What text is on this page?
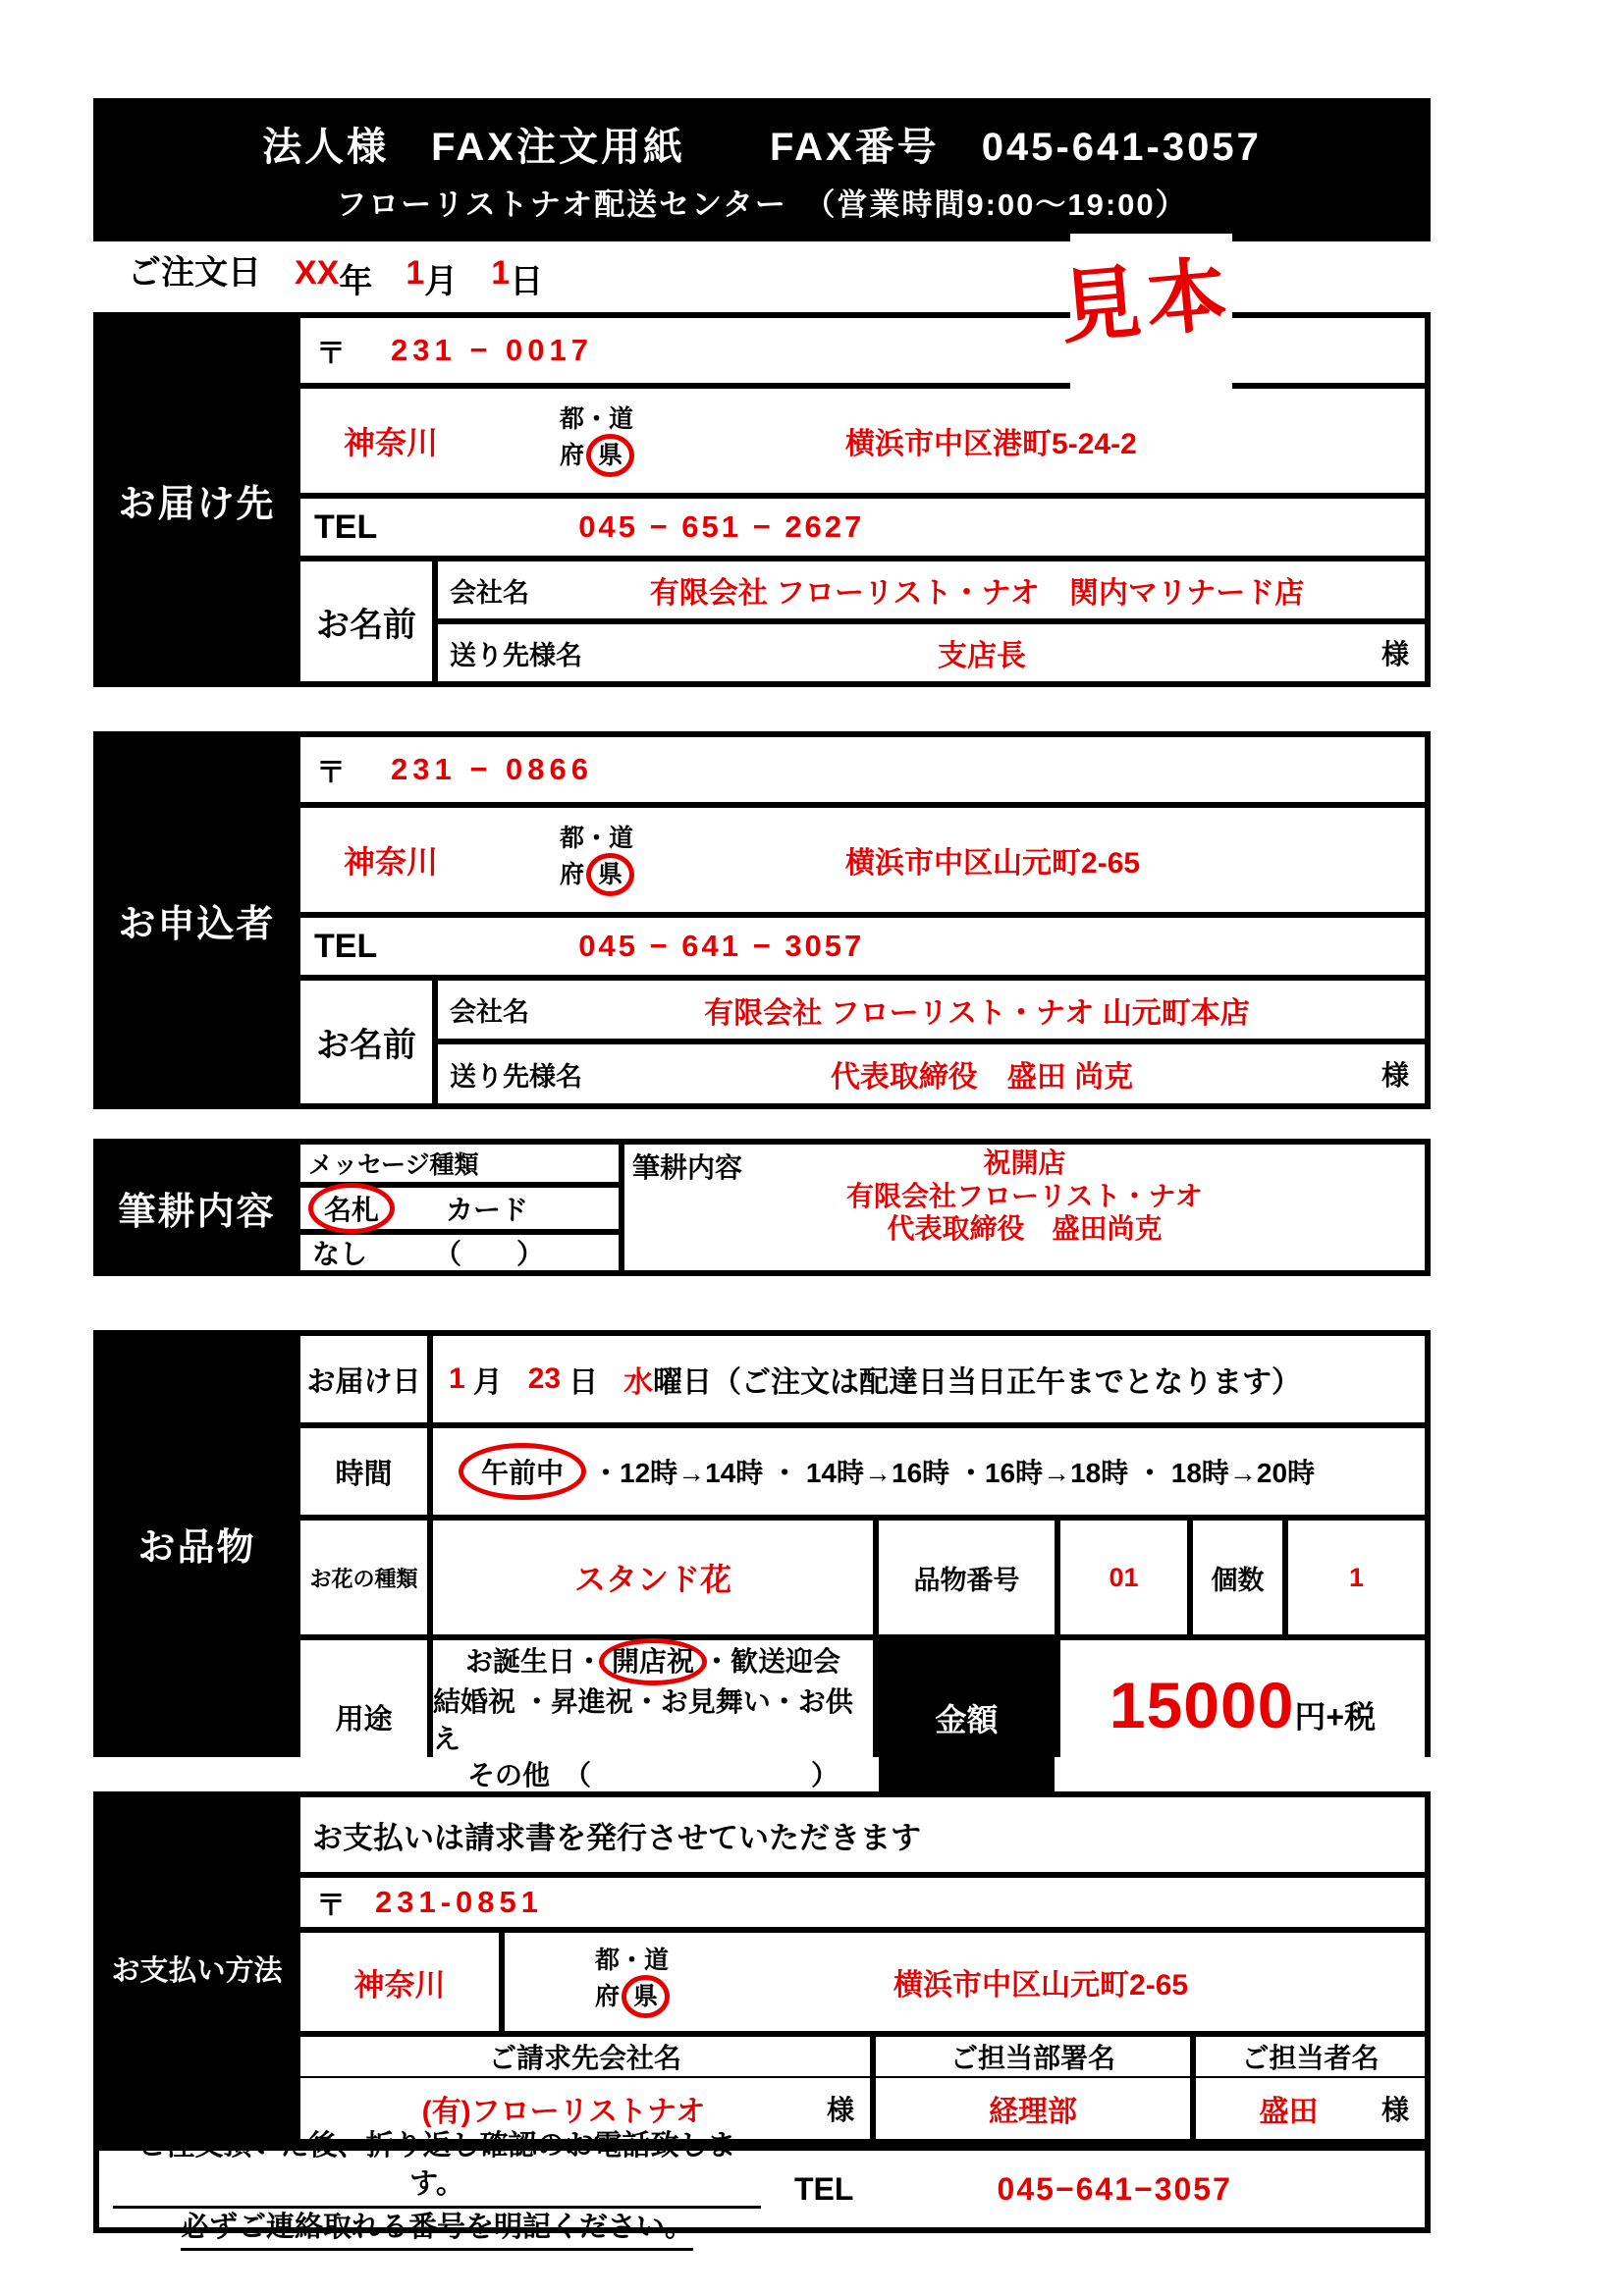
法人様　FAX注文用紙　　FAX番号　045-641-3057
フローリストナオ配送センター　（営業時間9:00～19:00）
ご注文日 XX 年 1 月 1 日
お届け先
〒 231 − 0017
神奈川
都・道
府 県	横浜市中区港町5-24-2
TEL	045 − 651 − 2627
お名前
会社名	有限会社 フローリスト・ナオ　関内マリナード店
送り先様名	支店長	様
お申込者
〒 231 − 0866
神奈川
都・道
府 県	横浜市中区山元町2-65
TEL	045 − 641 − 3057
お名前
会社名	有限会社 フローリスト・ナオ 山元町本店
送り先様名	代表取締役　盛田 尚克	様
筆耕内容
メッセージ種類
名札	カード
なし （　　）
筆耕内容	祝開店
有限会社フローリスト・ナオ
代表取締役　盛田尚克
お品物
お届け日 1 月 23 日 水 曜日（ご注文は配達日当日正午までとなります）
時間	午前中	・12時→14時 ・ 14時→16時 ・16時→18時 ・ 18時→20時
お花の種類	スタンド花	品物番号	01	個数	1
用途
お誕生日・ 開店祝 ・歓送迎会
結婚祝 ・昇進祝・お見舞い・お供え
その他　（　　　　　　　　）
金額	15000 円+税
お支払い方法
お支払いは請求書を発行させていただきます
〒 231-0851
神奈川
都・道
府 県	横浜市中区山元町2-65
ご請求先会社名	ご担当部署名	ご担当者名
(有)フローリストナオ	様	経理部	盛田	様
ご注文頂いた後、折り返し確認のお電話致します。
必ずご連絡取れる番号を明記ください。
TEL	045−641−3057
見本
